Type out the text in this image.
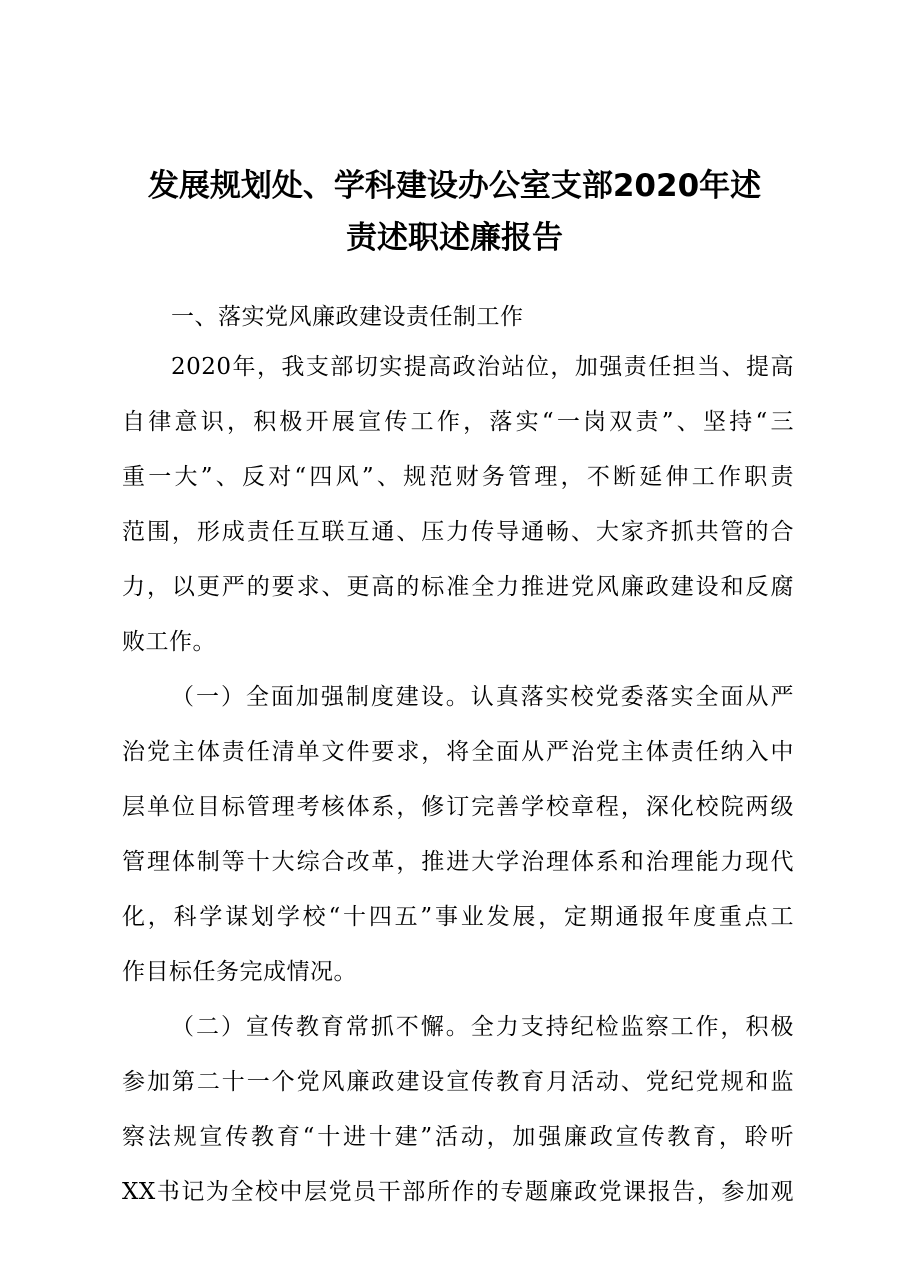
发展规划处、学科建设办公室支部2020年述
责述职述廉报告
一、落实党风廉政建设责任制工作
2020年，我支部切实提高政治站位，加强责任担当、提高
自律意识，积极开展宣传工作，落实“一岗双责”、坚持“三
重一大”、反对“四风”、规范财务管理，不断延伸工作职责
范围，形成责任互联互通、压力传导通畅、大家齐抓共管的合
力，以更严的要求、更高的标准全力推进党风廉政建设和反腐
败工作。
（一）全面加强制度建设。认真落实校党委落实全面从严
治党主体责任清单文件要求，将全面从严治党主体责任纳入中
层单位目标管理考核体系，修订完善学校章程，深化校院两级
管理体制等十大综合改革，推进大学治理体系和治理能力现代
化，科学谋划学校“十四五”事业发展，定期通报年度重点工
作目标任务完成情况。
（二）宣传教育常抓不懈。全力支持纪检监察工作，积极
参加第二十一个党风廉政建设宣传教育月活动、党纪党规和监
察法规宣传教育“十进十建”活动，加强廉政宣传教育，聆听
XX书记为全校中层党员干部所作的专题廉政党课报告，参加观
